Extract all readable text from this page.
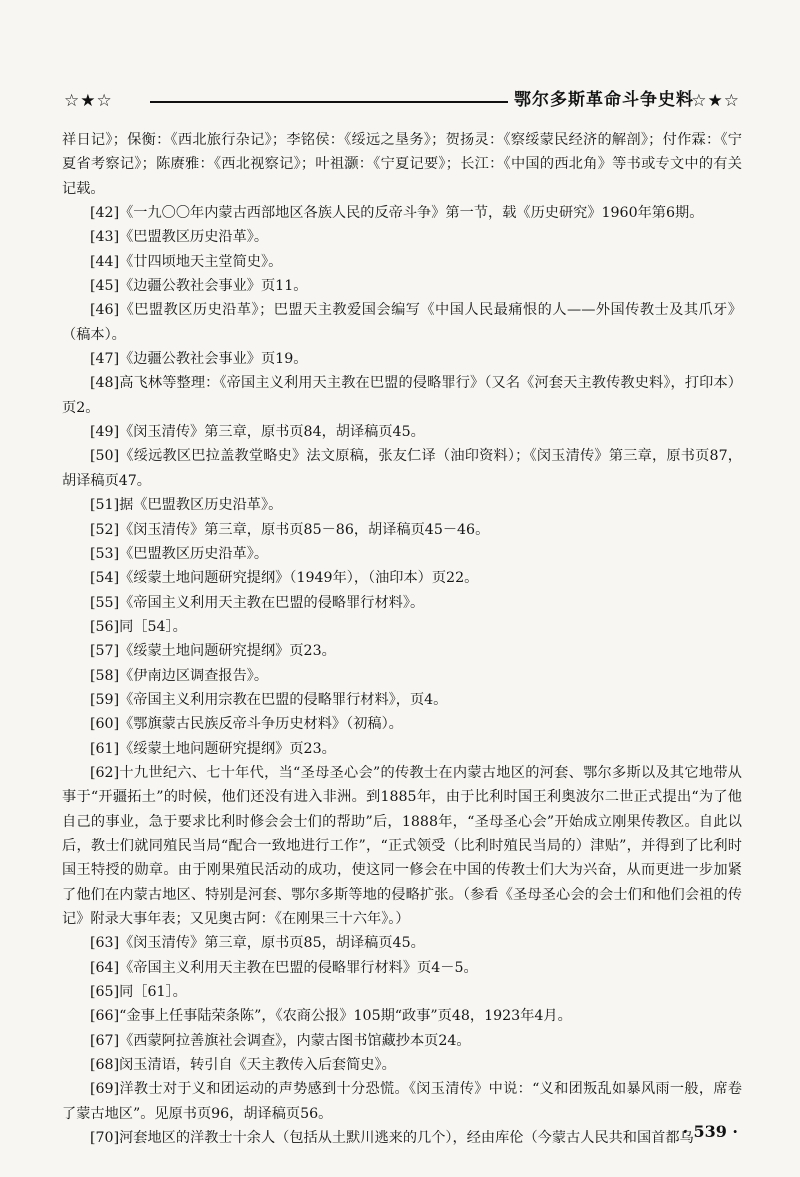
☆★☆	鄂尔多斯革命斗争史料
☆★☆

祥日记》；保衡：《西北旅行杂记》；李铭侯：《绥远之垦务》；贺扬灵：《察绥蒙民经济的解剖》；付作霖：《宁夏省考察记》；陈赓雅：《西北视察记》；叶祖灏：《宁夏记要》；长江：《中国的西北角》等书或专文中的有关记载。

[42]《一九〇〇年内蒙古西部地区各族人民的反帝斗争》第一节，载《历史研究》1960年第6期。

[43]《巴盟教区历史沿革》。

[44]《廿四顷地天主堂简史》。

[45]《边疆公教社会事业》页11。

[46]《巴盟教区历史沿革》；巴盟天主教爱国会编写《中国人民最痛恨的人——外国传教士及其爪牙》（稿本）。

[47]《边疆公教社会事业》页19。

[48]高飞林等整理：《帝国主义利用天主教在巴盟的侵略罪行》（又名《河套天主教传教史料》，打印本）页2。

[49]《闵玉清传》第三章，原书页84，胡译稿页45。

[50]《绥远教区巴拉盖教堂略史》法文原稿，张友仁译（油印资料）；《闵玉清传》第三章，原书页87，胡译稿页47。

[51]据《巴盟教区历史沿革》。

[52]《闵玉清传》第三章，原书页85－86，胡译稿页45－46。

[53]《巴盟教区历史沿革》。

[54]《绥蒙土地问题研究提纲》（1949年），（油印本）页22。

[55]《帝国主义利用天主教在巴盟的侵略罪行材料》。

[56]同［54］。

[57]《绥蒙土地问题研究提纲》页23。

[58]《伊南边区调查报告》。

[59]《帝国主义利用宗教在巴盟的侵略罪行材料》，页4。

[60]《鄂旗蒙古民族反帝斗争历史材料》（初稿）。

[61]《绥蒙土地问题研究提纲》页23。

[62]十九世纪六、七十年代，当“圣母圣心会”的传教士在内蒙古地区的河套、鄂尔多斯以及其它地带从事于“开疆拓土”的时候，他们还没有进入非洲。到1885年，由于比利时国王利奥波尔二世正式提出“为了他自己的事业，急于要求比利时修会会士们的帮助”后，1888年，“圣母圣心会”开始成立刚果传教区。自此以后，教士们就同殖民当局“配合一致地进行工作”，“正式领受（比利时殖民当局的）津贴”，并得到了比利时国王特授的勋章。由于刚果殖民活动的成功，使这同一修会在中国的传教士们大为兴奋，从而更进一步加紧了他们在内蒙古地区、特别是河套、鄂尔多斯等地的侵略扩张。（参看《圣母圣心会的会士们和他们会祖的传记》附录大事年表；又见奥古阿：《在刚果三十六年》。）

[63]《闵玉清传》第三章，原书页85，胡译稿页45。

[64]《帝国主义利用天主教在巴盟的侵略罪行材料》页4－5。

[65]同［61］。

[66]“金事上任事陆荣条陈”，《农商公报》105期“政事”页48，1923年4月。

[67]《西蒙阿拉善旗社会调查》，内蒙古图书馆藏抄本页24。

[68]闵玉清语，转引自《天主教传入后套简史》。

[69]洋教士对于义和团运动的声势感到十分恐慌。《闵玉清传》中说：“义和团叛乱如暴风雨一般，席卷了蒙古地区”。见原书页96，胡译稿页56。

[70]河套地区的洋教士十余人（包括从土默川逃来的几个），经由库伦（今蒙古人民共和国首都乌

· 539 ·
